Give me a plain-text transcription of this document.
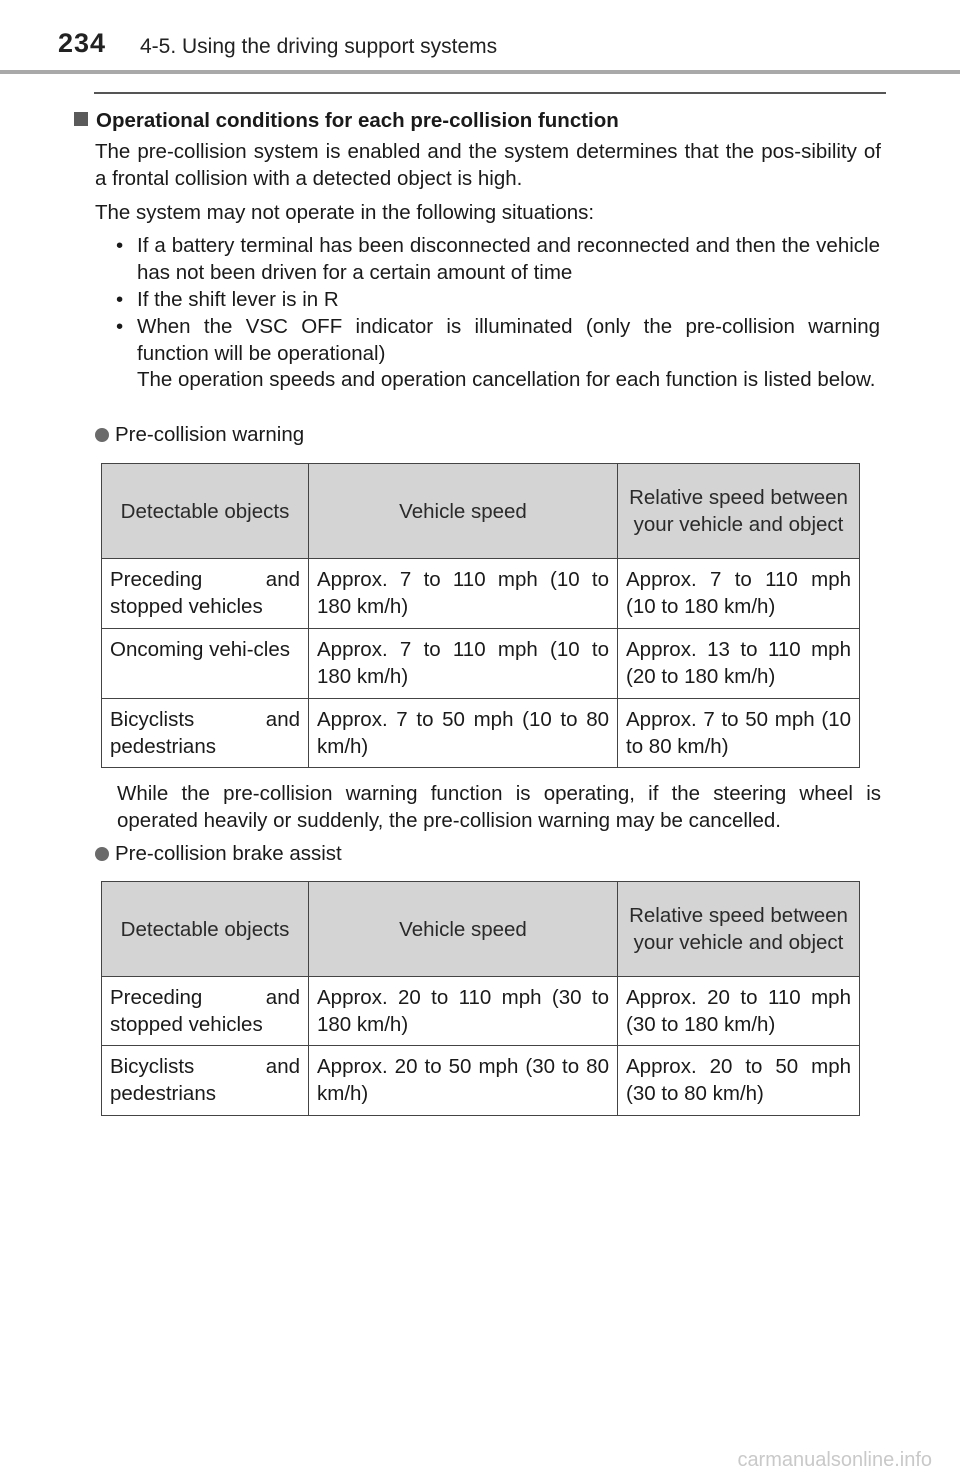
234 4-5. Using the driving support systems
Operational conditions for each pre-collision function
The pre-collision system is enabled and the system determines that the pos-sibility of a frontal collision with a detected object is high.
The system may not operate in the following situations:
• If a battery terminal has been disconnected and reconnected and then the vehicle has not been driven for a certain amount of time
• If the shift lever is in R
• When the VSC OFF indicator is illuminated (only the pre-collision warning function will be operational)
The operation speeds and operation cancellation for each function is listed below.
Pre-collision warning
Detectable objects	Vehicle speed	Relative speed between your vehicle and object
Preceding and stopped vehicles	Approx. 7 to 110 mph (10 to 180 km/h)	Approx. 7 to 110 mph (10 to 180 km/h)
Oncoming vehi-cles	Approx. 7 to 110 mph (10 to 180 km/h)	Approx. 13 to 110 mph (20 to 180 km/h)
Bicyclists and pedestrians	Approx. 7 to 50 mph (10 to 80 km/h)	Approx. 7 to 50 mph (10 to 80 km/h)
While the pre-collision warning function is operating, if the steering wheel is operated heavily or suddenly, the pre-collision warning may be cancelled.
Pre-collision brake assist
Detectable objects	Vehicle speed	Relative speed between your vehicle and object
Preceding and stopped vehicles	Approx. 20 to 110 mph (30 to 180 km/h)	Approx. 20 to 110 mph (30 to 180 km/h)
Bicyclists and pedestrians	Approx. 20 to 50 mph (30 to 80 km/h)	Approx. 20 to 50 mph (30 to 80 km/h)
carmanualsonline.info
